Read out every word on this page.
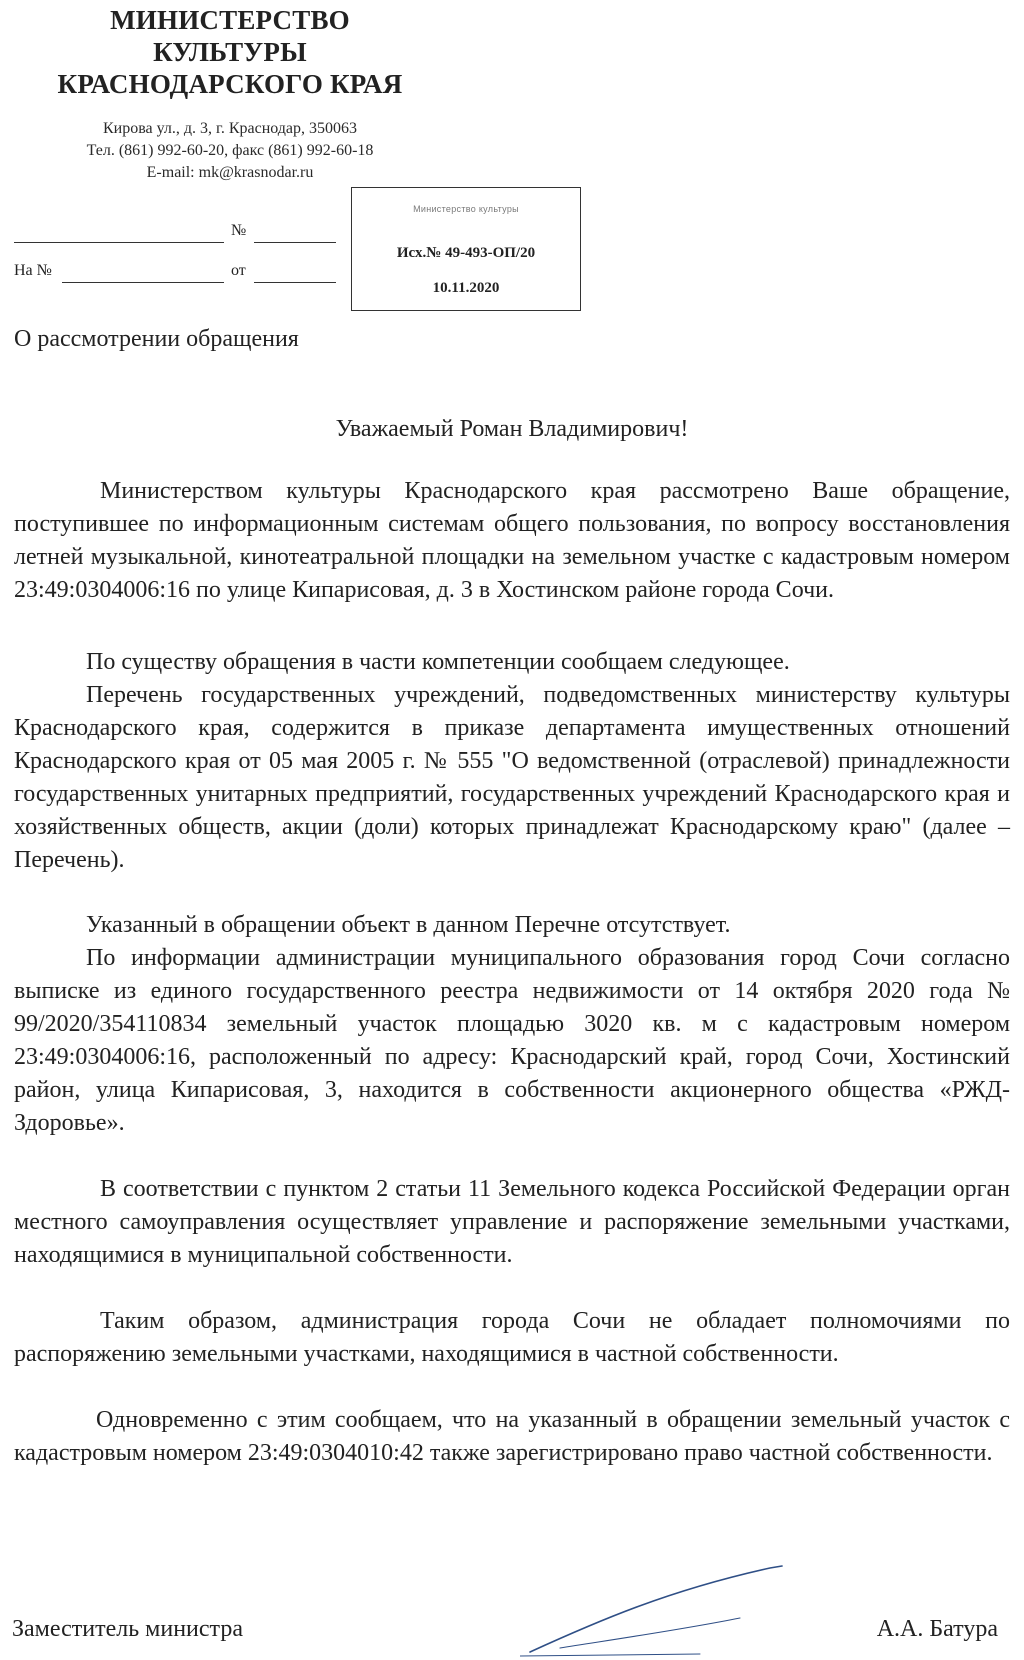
МИНИСТЕРСТВО
КУЛЬТУРЫ
КРАСНОДАРСКОГО КРАЯ
Кирова ул., д. 3, г. Краснодар, 350063
Тел. (861) 992-60-20, факс (861) 992-60-18
E-mail: mk@krasnodar.ru
№
На №	от
Министерство культуры
Исх.№ 49-493-ОП/20
10.11.2020
О рассмотрении обращения
Уважаемый Роман Владимирович!

Министерством культуры Краснодарского края рассмотрено Ваше обращение, поступившее по информационным системам общего пользования, по вопросу восстановления летней музыкальной, кинотеатральной площадки на земельном участке с кадастровым номером 23:49:0304006:16 по улице Кипарисовая, д. 3 в Хостинском районе города Сочи.

По существу обращения в части компетенции сообщаем следующее.

Перечень государственных учреждений, подведомственных министерству культуры Краснодарского края, содержится в приказе департамента имущественных отношений Краснодарского края от 05 мая 2005 г. № 555 "О ведомственной (отраслевой) принадлежности государственных унитарных предприятий, государственных учреждений Краснодарского края и хозяйственных обществ, акции (доли) которых принадлежат Краснодарскому краю" (далее – Перечень).

Указанный в обращении объект в данном Перечне отсутствует.

По информации администрации муниципального образования город Сочи согласно выписке из единого государственного реестра недвижимости от 14 октября 2020 года № 99/2020/354110834 земельный участок площадью 3020 кв. м с кадастровым номером 23:49:0304006:16, расположенный по адресу: Краснодарский край, город Сочи, Хостинский район, улица Кипарисовая, 3, находится в собственности акционерного общества «РЖД-Здоровье».

В соответствии с пунктом 2 статьи 11 Земельного кодекса Российской Федерации орган местного самоуправления осуществляет управление и распоряжение земельными участками, находящимися в муниципальной собственности.

Таким образом, администрация города Сочи не обладает полномочиями по распоряжению земельными участками, находящимися в частной собственности.

Одновременно с этим сообщаем, что на указанный в обращении земельный участок с кадастровым номером 23:49:0304010:42 также зарегистрировано право частной собственности.

Заместитель министра	А.А. Батура
